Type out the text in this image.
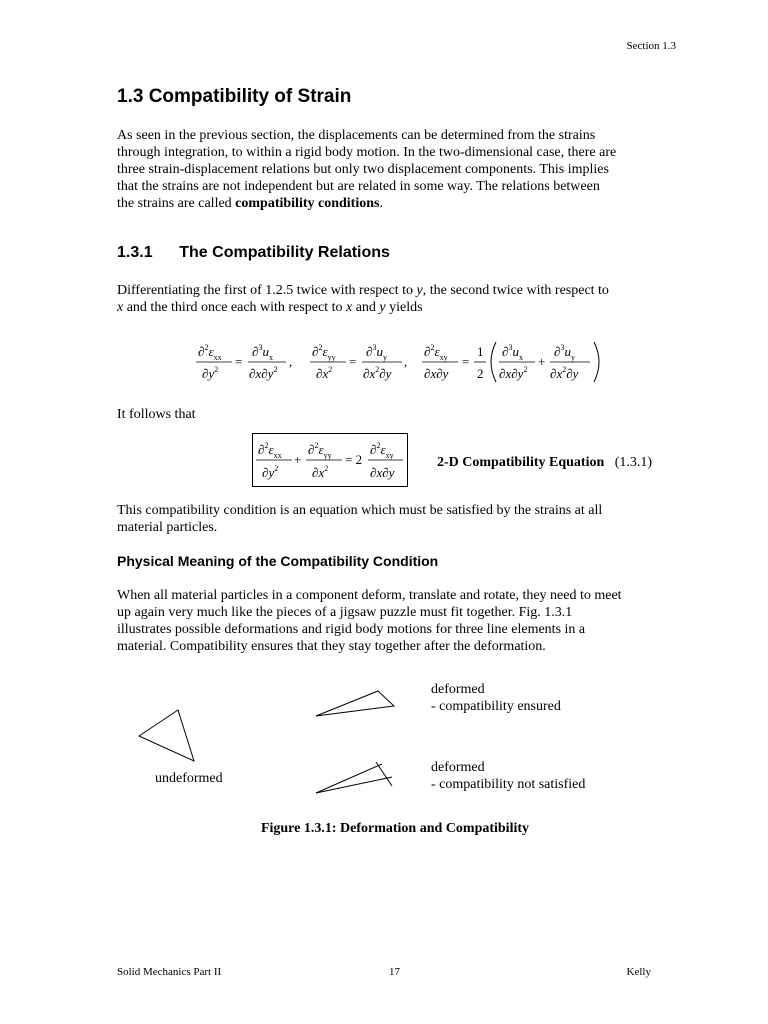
Section 1.3
1.3 Compatibility of Strain
As seen in the previous section, the displacements can be determined from the strains
through integration, to within a rigid body motion. In the two-dimensional case, there are
three strain-displacement relations but only two displacement components. This implies
that the strains are not independent but are related in some way. The relations between
the strains are called compatibility conditions.
1.3.1      The Compatibility Relations
Differentiating the first of 1.2.5 twice with respect to y, the second twice with respect to
x and the third once each with respect to x and y yields
$\partial^2\varepsilon_{xx}$
$\partial y^2$
=
$\partial^3u_x$
$\partial x\partial y^2$
,
$\partial^2\varepsilon_{yy}$
$\partial x^2$
=
$\partial^3u_y$
$\partial x^2\partial y$
,
$\partial^2\varepsilon_{xy}$
∂x∂y
=
1
2
$\partial^3u_x$
$\partial x\partial y^2$
+
$\partial^3u_y$
$\partial x^2\partial y$
It follows that
$\partial^2\varepsilon_{xx}$
$\partial y^2$
+
$\partial^2\varepsilon_{yy}$
$\partial x^2$
= 2
$\partial^2\varepsilon_{xy}$
∂x∂y
2-D Compatibility Equation (1.3.1)
This compatibility condition is an equation which must be satisfied by the strains at all
material particles.
Physical Meaning of the Compatibility Condition
When all material particles in a component deform, translate and rotate, they need to meet
up again very much like the pieces of a jigsaw puzzle must fit together. Fig. 1.3.1
illustrates possible deformations and rigid body motions for three line elements in a
material. Compatibility ensures that they stay together after the deformation.
deformed
- compatibility ensured
undeformed
deformed
- compatibility not satisfied
Figure 1.3.1: Deformation and Compatibility
Solid Mechanics Part II	17	Kelly
